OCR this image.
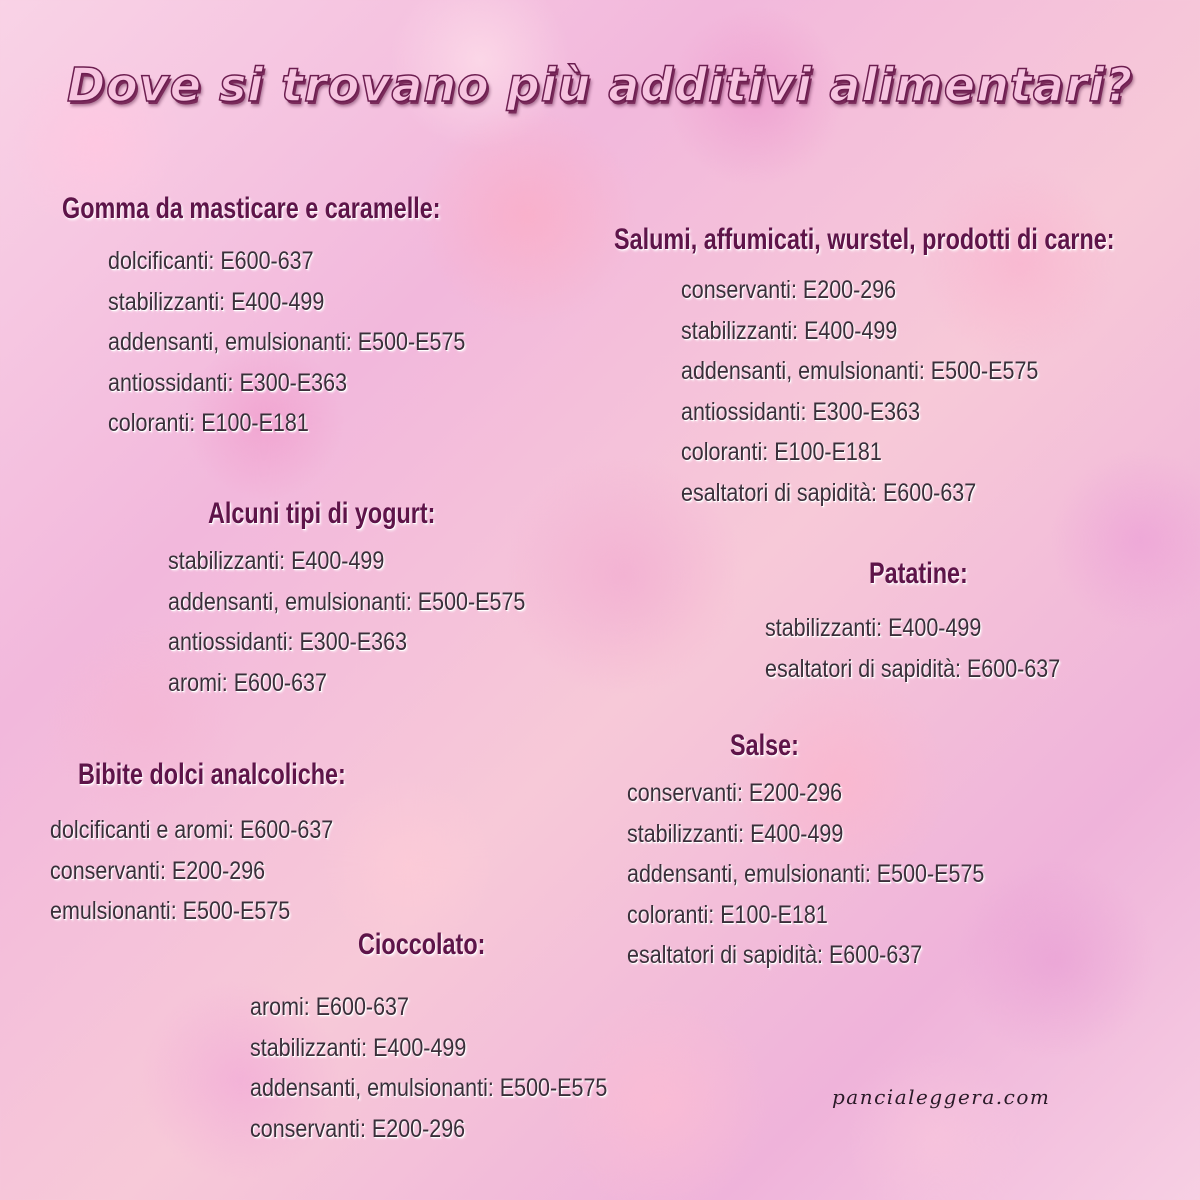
Dove si trovano più additivi alimentari?
Gomma da masticare e caramelle:
dolcificanti: E600-637
stabilizzanti: E400-499
addensanti, emulsionanti: E500-E575
antiossidanti: E300-E363
coloranti: E100-E181
Alcuni tipi di yogurt:
stabilizzanti: E400-499
addensanti, emulsionanti: E500-E575
antiossidanti: E300-E363
aromi: E600-637
Bibite dolci analcoliche:
dolcificanti e aromi: E600-637
conservanti: E200-296
emulsionanti: E500-E575
Cioccolato:
aromi: E600-637
stabilizzanti: E400-499
addensanti, emulsionanti: E500-E575
conservanti: E200-296
Salumi, affumicati, wurstel, prodotti di carne:
conservanti: E200-296
stabilizzanti: E400-499
addensanti, emulsionanti: E500-E575
antiossidanti: E300-E363
coloranti: E100-E181
esaltatori di sapidità: E600-637
Patatine:
stabilizzanti: E400-499
esaltatori di sapidità: E600-637
Salse:
conservanti: E200-296
stabilizzanti: E400-499
addensanti, emulsionanti: E500-E575
coloranti: E100-E181
esaltatori di sapidità: E600-637
pancialeggera.com
